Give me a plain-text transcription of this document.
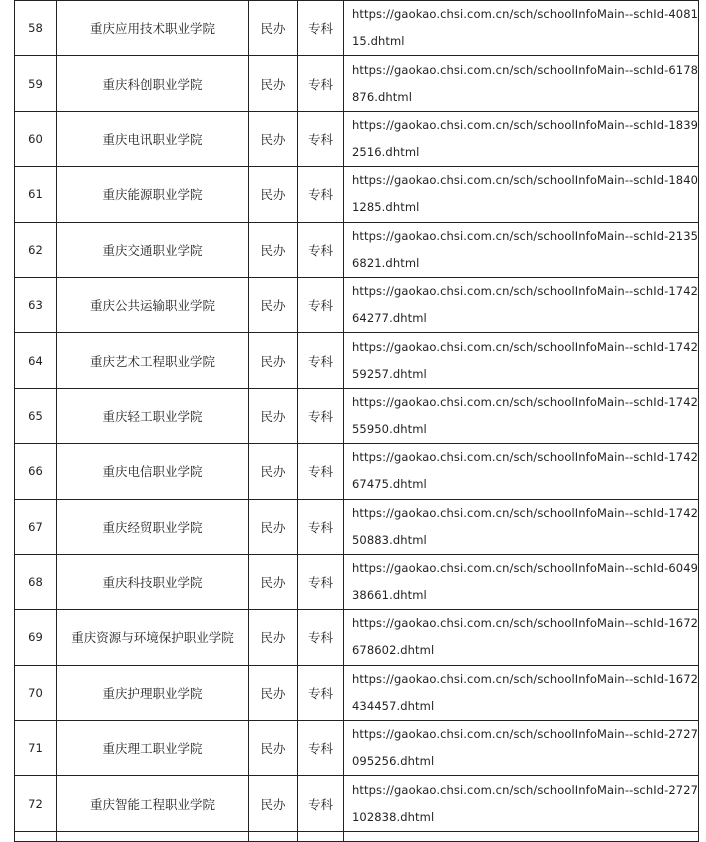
58	重庆应用技术职业学院	民办	专科	https://gaokao.chsi.com.cn/sch/schoolInfoMain--schId-4081
15.dhtml

59	重庆科创职业学院	民办	专科	https://gaokao.chsi.com.cn/sch/schoolInfoMain--schId-6178
876.dhtml

60	重庆电讯职业学院	民办	专科	https://gaokao.chsi.com.cn/sch/schoolInfoMain--schId-1839
2516.dhtml

61	重庆能源职业学院	民办	专科	https://gaokao.chsi.com.cn/sch/schoolInfoMain--schId-1840
1285.dhtml

62	重庆交通职业学院	民办	专科	https://gaokao.chsi.com.cn/sch/schoolInfoMain--schId-2135
6821.dhtml

63	重庆公共运输职业学院	民办	专科	https://gaokao.chsi.com.cn/sch/schoolInfoMain--schId-1742
64277.dhtml

64	重庆艺术工程职业学院	民办	专科	https://gaokao.chsi.com.cn/sch/schoolInfoMain--schId-1742
59257.dhtml

65	重庆轻工职业学院	民办	专科	https://gaokao.chsi.com.cn/sch/schoolInfoMain--schId-1742
55950.dhtml

66	重庆电信职业学院	民办	专科	https://gaokao.chsi.com.cn/sch/schoolInfoMain--schId-1742
67475.dhtml

67	重庆经贸职业学院	民办	专科	https://gaokao.chsi.com.cn/sch/schoolInfoMain--schId-1742
50883.dhtml

68	重庆科技职业学院	民办	专科	https://gaokao.chsi.com.cn/sch/schoolInfoMain--schId-6049
38661.dhtml

69	重庆资源与环境保护职业学院	民办	专科	https://gaokao.chsi.com.cn/sch/schoolInfoMain--schId-1672
678602.dhtml

70	重庆护理职业学院	民办	专科	https://gaokao.chsi.com.cn/sch/schoolInfoMain--schId-1672
434457.dhtml

71	重庆理工职业学院	民办	专科	https://gaokao.chsi.com.cn/sch/schoolInfoMain--schId-2727
095256.dhtml

72	重庆智能工程职业学院	民办	专科	https://gaokao.chsi.com.cn/sch/schoolInfoMain--schId-2727
102838.dhtml
